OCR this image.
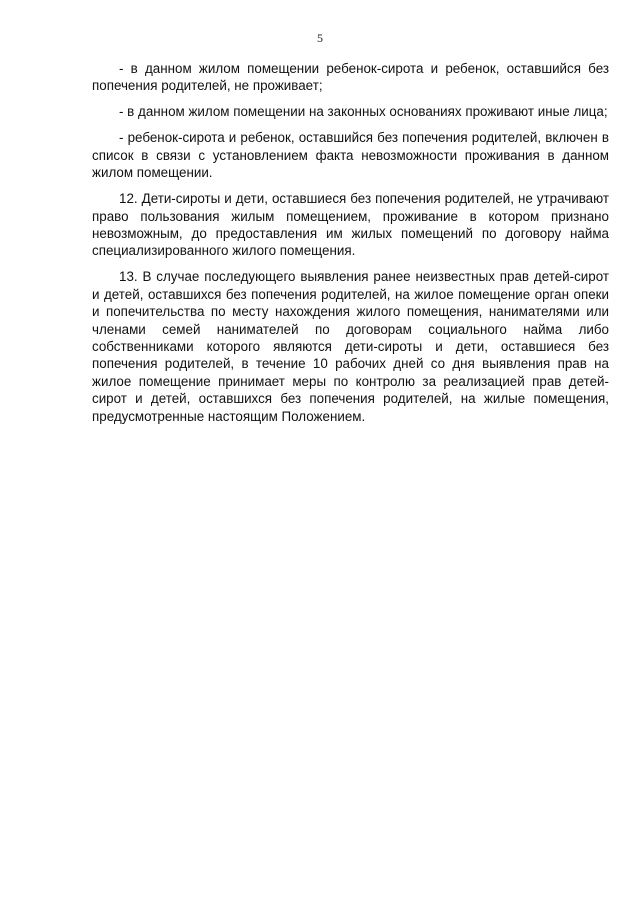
5

- в данном жилом помещении ребенок-сирота и ребенок, оставшийся без попечения родителей, не проживает;

- в данном жилом помещении на законных основаниях проживают иные лица;

- ребенок-сирота и ребенок, оставшийся без попечения родителей, включен в список в связи с установлением факта невозможности проживания в данном жилом помещении.

12. Дети-сироты и дети, оставшиеся без попечения родителей, не утрачивают право пользования жилым помещением, проживание в котором признано невозможным, до предоставления им жилых помещений по договору найма специализированного жилого помещения.

13. В случае последующего выявления ранее неизвестных прав детей-сирот и детей, оставшихся без попечения родителей, на жилое помещение орган опеки и попечительства по месту нахождения жилого помещения, нанимателями или членами семей нанимателей по договорам социального найма либо собственниками которого являются дети-сироты и дети, оставшиеся без попечения родителей, в течение 10 рабочих дней со дня выявления прав на жилое помещение принимает меры по контролю за реализацией прав детей-сирот и детей, оставшихся без попечения родителей, на жилые помещения, предусмотренные настоящим Положением.
